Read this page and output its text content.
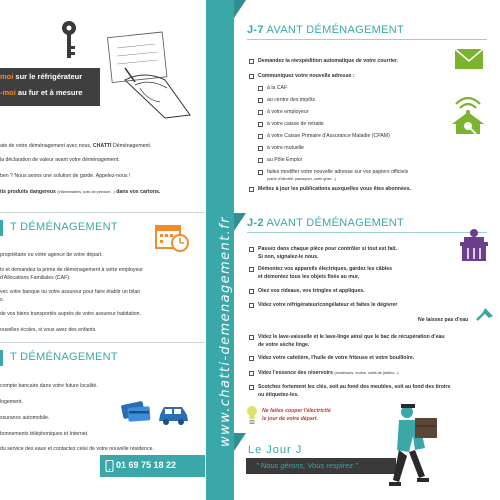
moi sur le réfrigérateur
-moi au fur et à mesure
ate de votre déménagement avec nous, CHATTI Déménagement.
la déclaration de valeur avant votre déménagement.
ben ? Nous avons une solution de garde. Appelez-nous !
its produits dangereux (inflammables, pots de peinture...) dans vos cartons.
T DÉMÉNAGEMENT
propriétaire ou votre agence de votre départ.
ts et demandez la prime de déménagement à votre employeur
d'Allocations Familiales (CAF).
vec votre banque ou votre assureur pour faire établir un bilan
s.
de vos biens transportés auprès de votre assureur habitation.
ouvelles écoles, si vous avez des enfants.
T DÉMÉNAGEMENT
compte bancaire dans votre future localité.
logement.
ssurance automobile.
bonnements téléphoniques et Internet.
du service des eaux et contactez celui de votre nouvelle résidence.
01 69 75 18 22
www.chatti-demenagement.fr
J-7 AVANT DÉMÉNAGEMENT
Demandez la réexpédition automatique de votre courrier.
Communiquez votre nouvelle adresse :
à la CAF
au centre des impôts
à votre employeur
à votre caisse de retraite
à votre Caisse Primaire d'Assurance Maladie (CPAM)
à votre mutuelle
au Pôle Emploi
faites modifier votre nouvelle adresse sur vos papiers officiels
(carte d'identité, passeport, carte grise...)
Mettez à jour les publications auxquelles vous êtes abonnées.
J-2 AVANT DÉMÉNAGEMENT
Passez dans chaque pièce pour contrôler si tout est fait.
Si non, signalez-le nous.
Démontez vos appareils électriques, gardez les câbles
et démontez tous les objets fixés au mur.
Otez vos rideaux, vos tringles et appliques.
Videz votre réfrigérateur/congélateur et faites le dégivrer
Ne laissez pas d'eau
Videz le lave-vaisselle et le lave-linge ainsi que le bac de récupération d'eau
de votre sèche linge.
Videz votre cafetière, l'huile de votre friteuse et votre bouilloire.
Videz l'essence des réservoirs (tondeuses, motos, outils de jardins...).
Scotchez fortement les clés, soit au fond des meubles, soit au fond des tiroirs
ou étiquetez-les.
Ne faites couper l'électricité
le jour de votre départ.
Le Jour J
" Nous gérons, Vous respirez "
